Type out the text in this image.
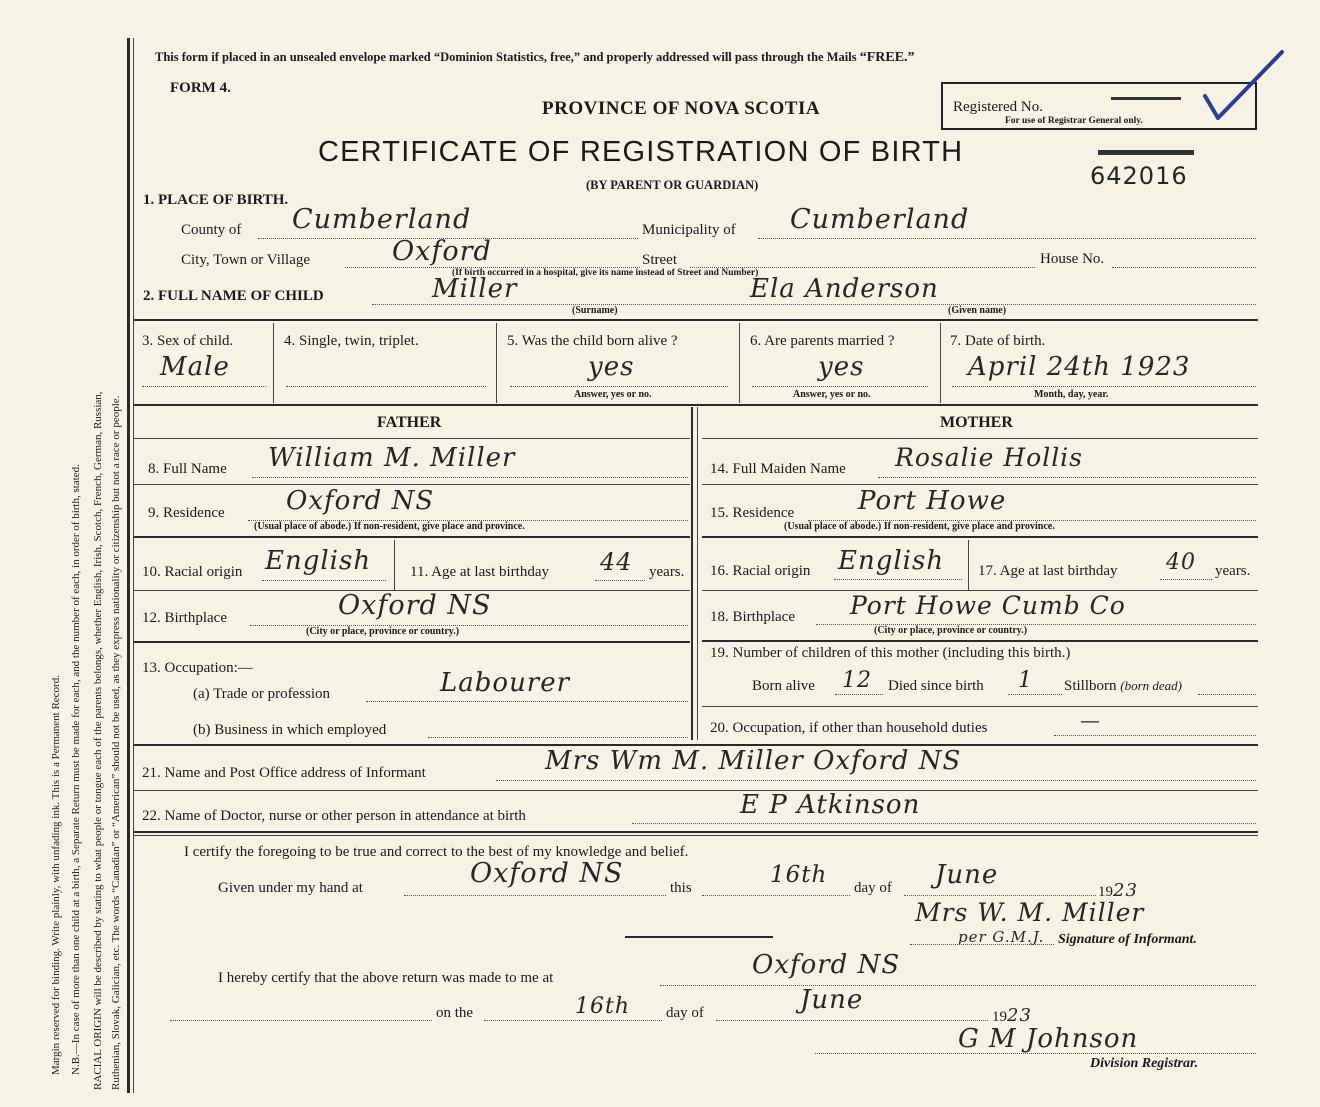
Margin reserved for binding. Write plainly, with unfading ink. This is a Permanent Record. N.B.—In case of more than one child at a birth, a Separate Return must be made for each, and the number of each, in order of birth, stated. RACIAL ORIGIN will be described by stating to what people or tongue each of the parents belongs, whether English, Irish, Scotch, French, German, Russian, Ruthenian, Slovak, Galician, etc. The words “Canadian” or “American” should not be used, as they express nationality or citizenship but not a race or people.
This form if placed in an unsealed envelope marked “Dominion Statistics, free,” and properly addressed will pass through the Mails “FREE.”
FORM 4.
PROVINCE OF NOVA SCOTIA	Registered No.
For use of Registrar General only.
CERTIFICATE OF REGISTRATION OF BIRTH
642016
(BY PARENT OR GUARDIAN)
1. PLACE OF BIRTH.
County of Cumberland	Municipality of Cumberland
City, Town or Village	Oxford	Street	House No.
(If birth occurred in a hospital, give its name instead of Street and Number)
2. FULL NAME OF CHILD	Miller
(Surname)
Ela Anderson
(Given name)
3. Sex of child.
Male
4. Single, twin, triplet.	5. Was the child born alive ?
yes
Answer, yes or no.
6. Are parents married ?
yes
Answer, yes or no.
7. Date of birth.
April 24th 1923
Month, day, year.
FATHER	MOTHER
8. Full Name William M. Miller
9. Residence Oxford NS
(Usual place of abode.) If non-resident, give place and province.
10. Racial origin English	11. Age at last birthday 44 years.
12. Birthplace	Oxford NS
(City or place, province or country.)
13. Occupation:—
(a) Trade or profession	Labourer
(b) Business in which employed
14. Full Maiden Name Rosalie Hollis
15. Residence Port Howe
(Usual place of abode.) If non-resident, give place and province.
16. Racial origin English 17. Age at last birthday 40 years.
18. Birthplace Port Howe Cumb Co
(City or place, province or country.)
19. Number of children of this mother (including this birth.)
Born alive 12 Died since birth 1 Stillborn (born dead)
20. Occupation, if other than household duties	—
21. Name and Post Office address of Informant	Mrs Wm M. Miller Oxford NS
22. Name of Doctor, nurse or other person in attendance at birth	E P Atkinson
I certify the foregoing to be true and correct to the best of my knowledge and belief.
Given under my hand at	Oxford NS	this	16th day of June
1923
Mrs W. M. Miller
per G.M.J. Signature of Informant.
I hereby certify that the above return was made to me at	Oxford NS
on the	16th day of	June
1923
G M Johnson
Division Registrar.
